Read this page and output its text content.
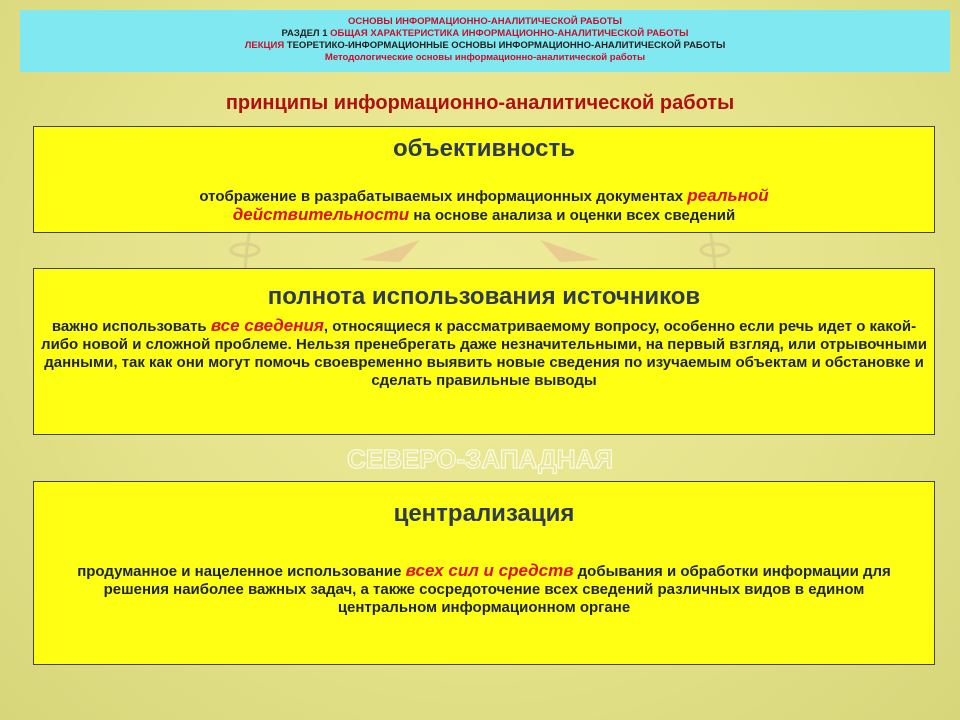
СЕВЕРО-ЗАПАДНАЯ
ОСНОВЫ ИНФОРМАЦИОННО-АНАЛИТИЧЕСКОЙ РАБОТЫ
РАЗДЕЛ 1 ОБЩАЯ ХАРАКТЕРИСТИКА ИНФОРМАЦИОННО-АНАЛИТИЧЕСКОЙ РАБОТЫ
ЛЕКЦИЯ ТЕОРЕТИКО-ИНФОРМАЦИОННЫЕ ОСНОВЫ ИНФОРМАЦИОННО-АНАЛИТИЧЕСКОЙ РАБОТЫ
Методологические основы информационно-аналитической работы
принципы информационно-аналитической работы
объективность

отображение в разрабатываемых информационных документах реальной действительности на основе анализа и оценки всех сведений

полнота использования источников

важно использовать все сведения, относящиеся к рассматриваемому вопросу, особенно если речь идет о какой-либо новой и сложной проблеме. Нельзя пренебрегать даже незначительными, на первый взгляд, или отрывочными данными, так как они могут помочь своевременно выявить новые сведения по изучаемым объектам и обстановке и сделать правильные выводы

централизация

продуманное и нацеленное использование всех сил и средств добывания и обработки информации для решения наиболее важных задач, а также сосредоточение всех сведений различных видов в едином центральном информационном органе
